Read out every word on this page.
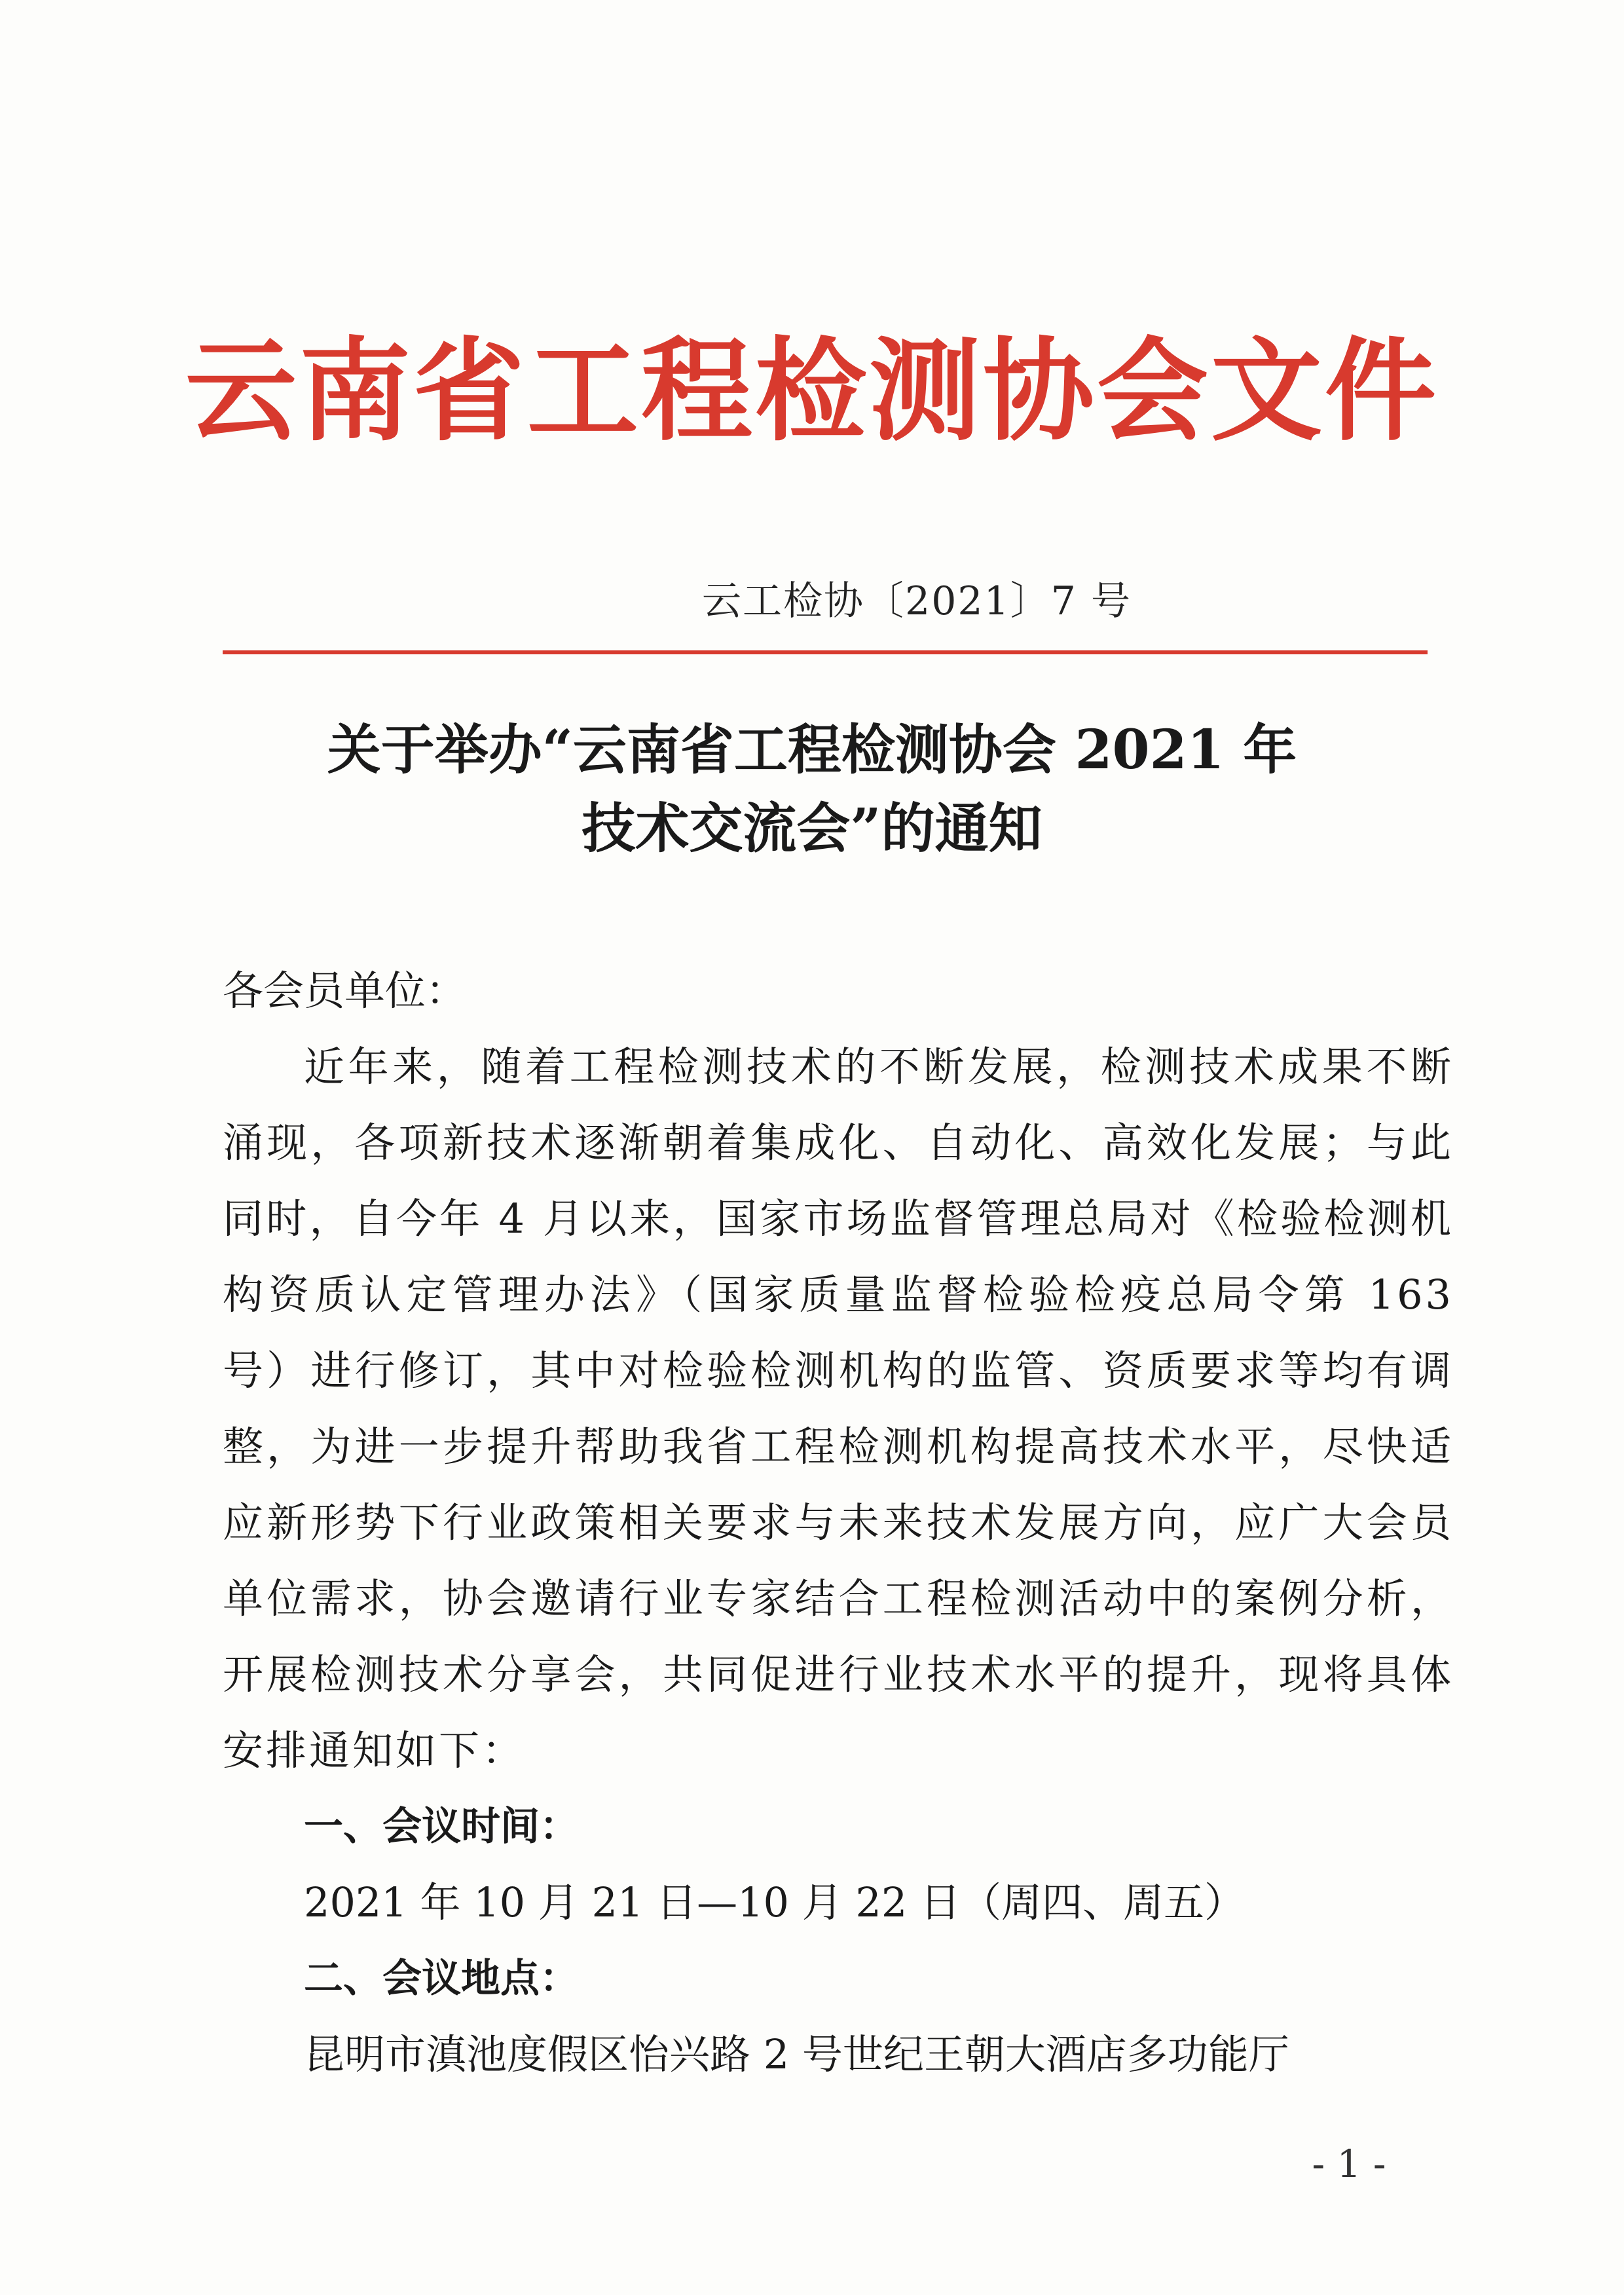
云南省工程检测协会文件
云工检协〔2021〕7 号
关于举办“云南省工程检测协会 2021 年
技术交流会”的通知
各会员单位：
近年来，随着工程检测技术的不断发展，检测技术成果不断涌现，各项新技术逐渐朝着集成化、自动化、高效化发展；与此同时，自今年 4 月以来，国家市场监督管理总局对《检验检测机构资质认定管理办法》（国家质量监督检验检疫总局令第 163 号）进行修订，其中对检验检测机构的监管、资质要求等均有调整，为进一步提升帮助我省工程检测机构提高技术水平，尽快适应新形势下行业政策相关要求与未来技术发展方向，应广大会员单位需求，协会邀请行业专家结合工程检测活动中的案例分析，开展检测技术分享会，共同促进行业技术水平的提升，现将具体安排通知如下：
一、会议时间：
2021 年 10 月 21 日—10 月 22 日（周四、周五）
二、会议地点：
昆明市滇池度假区怡兴路 2 号世纪王朝大酒店多功能厅
- 1 -
